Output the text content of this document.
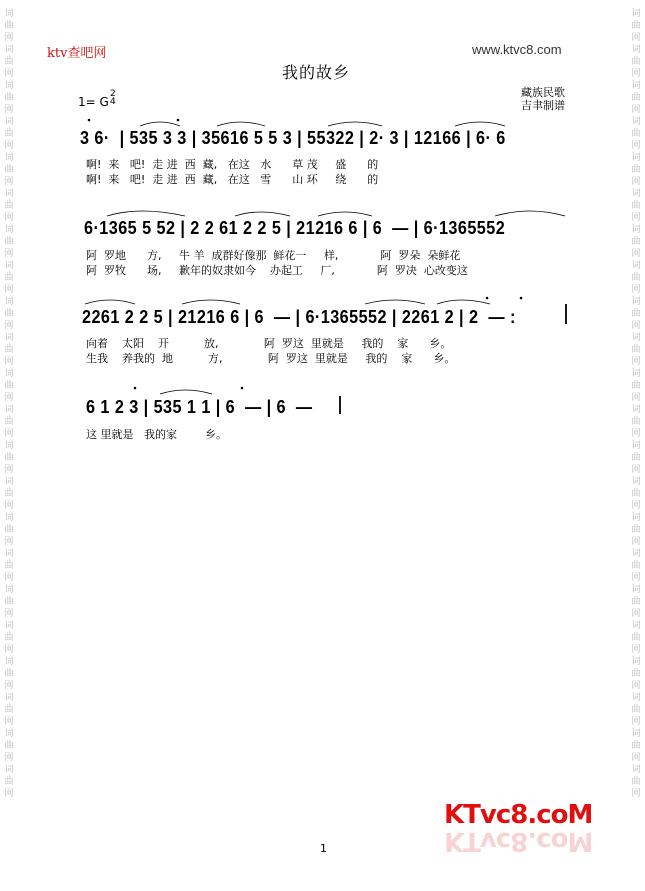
词曲网词曲网词曲网词曲网词曲网词曲网词曲网词曲网词曲网词曲网词曲网词曲网词曲网词曲网词曲网词曲网词曲网词曲网词曲网词曲网词曲网词曲网
词曲网词曲网词曲网词曲网词曲网词曲网词曲网词曲网词曲网词曲网词曲网词曲网词曲网词曲网词曲网词曲网词曲网词曲网词曲网词曲网词曲网词曲网
ktv查吧网	www.ktvc8.com
我的故乡
藏族民歌
吉聿制谱
1= G
2
4
3 6·  | 535 3 3 | 35616 5 5 3 | 55322 | 2· 3 | 12166 | 6· 6
啊!  来   吧!  走 进  西  藏,   在这   水      草 茂     盛      的
啊!  来   吧!  走 进  西  藏,   在这   雪      山 环     绕      的
6·1365 5 52 | 2 2 61 2 2 5 | 21216 6 | 6  — | 6·1365552
阿  罗地      方,     牛 羊  成群好像那  鲜花一     样,            阿  罗朵  朵鲜花
阿  罗牧      场,     歉年的奴隶如今    办起工     厂,            阿  罗决  心改变这
2261 2 2 5 | 21216 6 | 6  — | 6·1365552 | 2261 2 | 2  — :
向着    太阳    开          放,             阿  罗这  里就是     我的    家      乡。
生我    养我的  地          方,             阿  罗这  里就是     我的    家      乡。
6 1 2 3 | 535 1 1 | 6  — | 6  —
这 里就是   我的家        乡。
1
KTvc8.coM
KTvc8.coM
